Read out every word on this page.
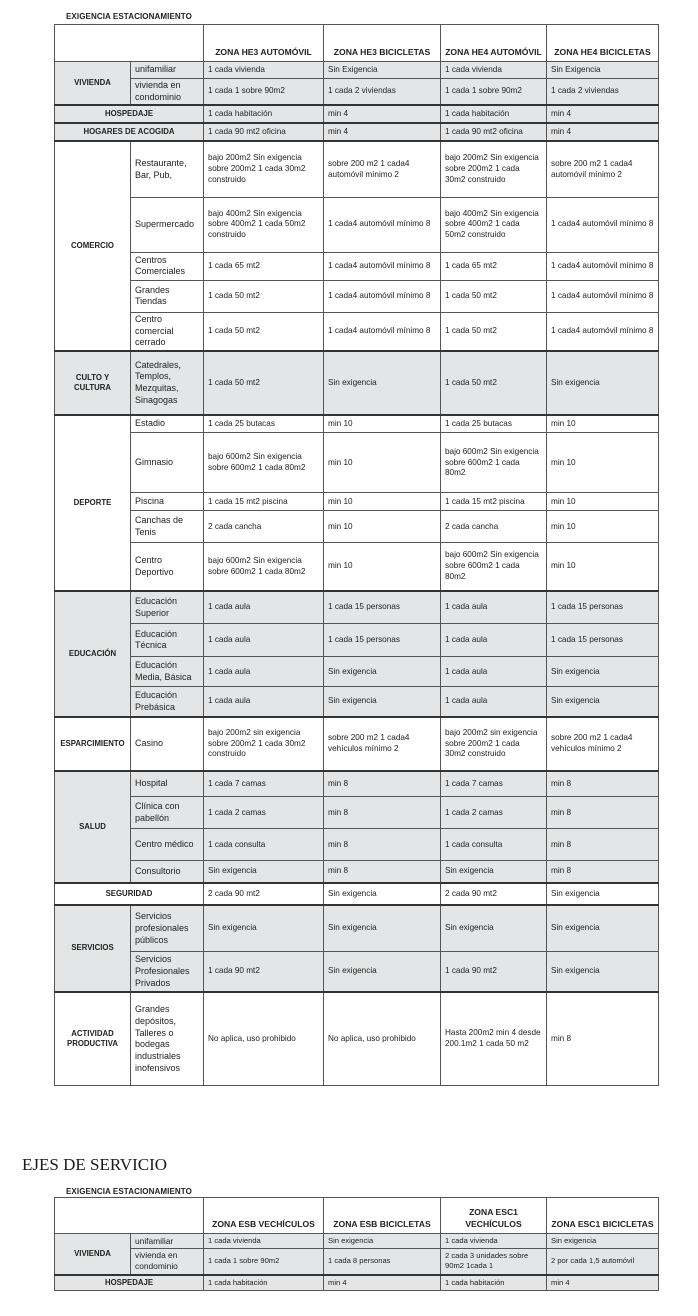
EXIGENCIA ESTACIONAMIENTO
		ZONA HE3 AUTOMÓVIL	ZONA HE3 BICICLETAS	ZONA HE4 AUTOMÓVIL	ZONA HE4 BICICLETAS
VIVIENDA	unifamiliar	1 cada vivienda	Sin Exigencia	1 cada vivienda	Sin Exigencia
	vivienda en condominio	1 cada 1 sobre 90m2	1 cada 2 viviendas	1 cada 1 sobre 90m2	1 cada 2 viviendas
HOSPEDAJE		1 cada habitación	min 4	1 cada habitación	min 4
HOGARES DE ACOGIDA		1 cada 90 mt2 oficina	min 4	1 cada 90 mt2 oficina	min 4
COMERCIO	Restaurante, Bar, Pub,	bajo 200m2 Sin exigencia sobre 200m2 1 cada 30m2 construido	sobre 200 m2 1 cada4 automóvil mínimo 2	bajo 200m2 Sin exigencia sobre 200m2 1 cada 30m2 construido	sobre 200 m2 1 cada4 automóvil mínimo 2
	Supermercado	bajo 400m2 Sin exigencia sobre 400m2 1 cada 50m2 construido	1 cada4 automóvil mínimo 8	bajo 400m2 Sin exigencia sobre 400m2 1 cada 50m2 construido	1 cada4 automóvil mínimo 8
	Centros Comerciales	1 cada 65 mt2	1 cada4 automóvil mínimo 8	1 cada 65 mt2	1 cada4 automóvil mínimo 8
	Grandes Tiendas	1 cada 50 mt2	1 cada4 automóvil mínimo 8	1 cada 50 mt2	1 cada4 automóvil mínimo 8
	Centro comercial cerrado	1 cada 50 mt2	1 cada4 automóvil mínimo 8	1 cada 50 mt2	1 cada4 automóvil mínimo 8
CULTO Y CULTURA	Catedrales, Templos, Mezquitas, Sinagogas	1 cada 50 mt2	Sin exigencia	1 cada 50 mt2	Sin exigencia
DEPORTE	Estadio	1 cada 25 butacas	min 10	1 cada 25 butacas	min 10
	Gimnasio	bajo 600m2 Sin exigencia sobre 600m2 1 cada 80m2	min 10	bajo 600m2 Sin exigencia sobre 600m2 1 cada 80m2	min 10
	Piscina	1 cada 15 mt2 piscina	min 10	1 cada 15 mt2 piscina	min 10
	Canchas de Tenis	2 cada cancha	min 10	2 cada cancha	min 10
	Centro Deportivo	bajo 600m2 Sin exigencia sobre 600m2 1 cada 80m2	min 10	bajo 600m2 Sin exigencia sobre 600m2 1 cada 80m2	min 10
EDUCACIÓN	Educación Superior	1 cada aula	1 cada 15 personas	1 cada aula	1 cada 15 personas
	Educación Técnica	1 cada aula	1 cada 15 personas	1 cada aula	1 cada 15 personas
	Educación Media, Básica	1 cada aula	Sin exigencia	1 cada aula	Sin exigencia
	Educación Prebásica	1 cada aula	Sin exigencia	1 cada aula	Sin exigencia
ESPARCIMIENTO	Casino	bajo 200m2 sin exigencia sobre 200m2 1 cada 30m2 construido	sobre 200 m2 1 cada4 vehículos mínimo 2	bajo 200m2 sin exigencia sobre 200m2 1 cada 30m2 construido	sobre 200 m2 1 cada4 vehículos mínimo 2
SALUD	Hospital	1 cada 7 camas	min 8	1 cada 7 camas	min 8
	Clínica con pabellón	1 cada 2 camas	min 8	1 cada 2 camas	min 8
	Centro médico	1 cada consulta	min 8	1 cada consulta	min 8
	Consultorio	Sin exigencia	min 8	Sin exigencia	min 8
SEGURIDAD		2 cada 90 mt2	Sin exigencia	2 cada 90 mt2	Sin exigencia
SERVICIOS	Servicios profesionales públicos	Sin exigencia	Sin exigencia	Sin exigencia	Sin exigencia
	Servicios Profesionales Privados	1 cada 90 mt2	Sin exigencia	1 cada 90 mt2	Sin exigencia
ACTIVIDAD PRODUCTIVA	Grandes depósitos, Talleres o bodegas industriales inofensivos	No aplica, uso prohibido	No aplica, uso prohibido	Hasta 200m2 min 4 desde 200.1m2 1 cada 50 m2	min 8
EJES DE SERVICIO
EXIGENCIA ESTACIONAMIENTO
		ZONA ESB VECHÍCULOS	ZONA ESB BICICLETAS	ZONA ESC1 VECHÍCULOS	ZONA ESC1 BICICLETAS
VIVIENDA	unifamiliar	1 cada vivienda	Sin exigencia	1 cada vivienda	Sin exigencia
	vivienda en condominio	1 cada 1 sobre 90m2	1 cada 8 personas	2 cada 3 unidades sobre 90m2 1cada 1	2 por cada 1,5 automóvil
HOSPEDAJE		1 cada habitación	min 4	1 cada habitación	min 4
